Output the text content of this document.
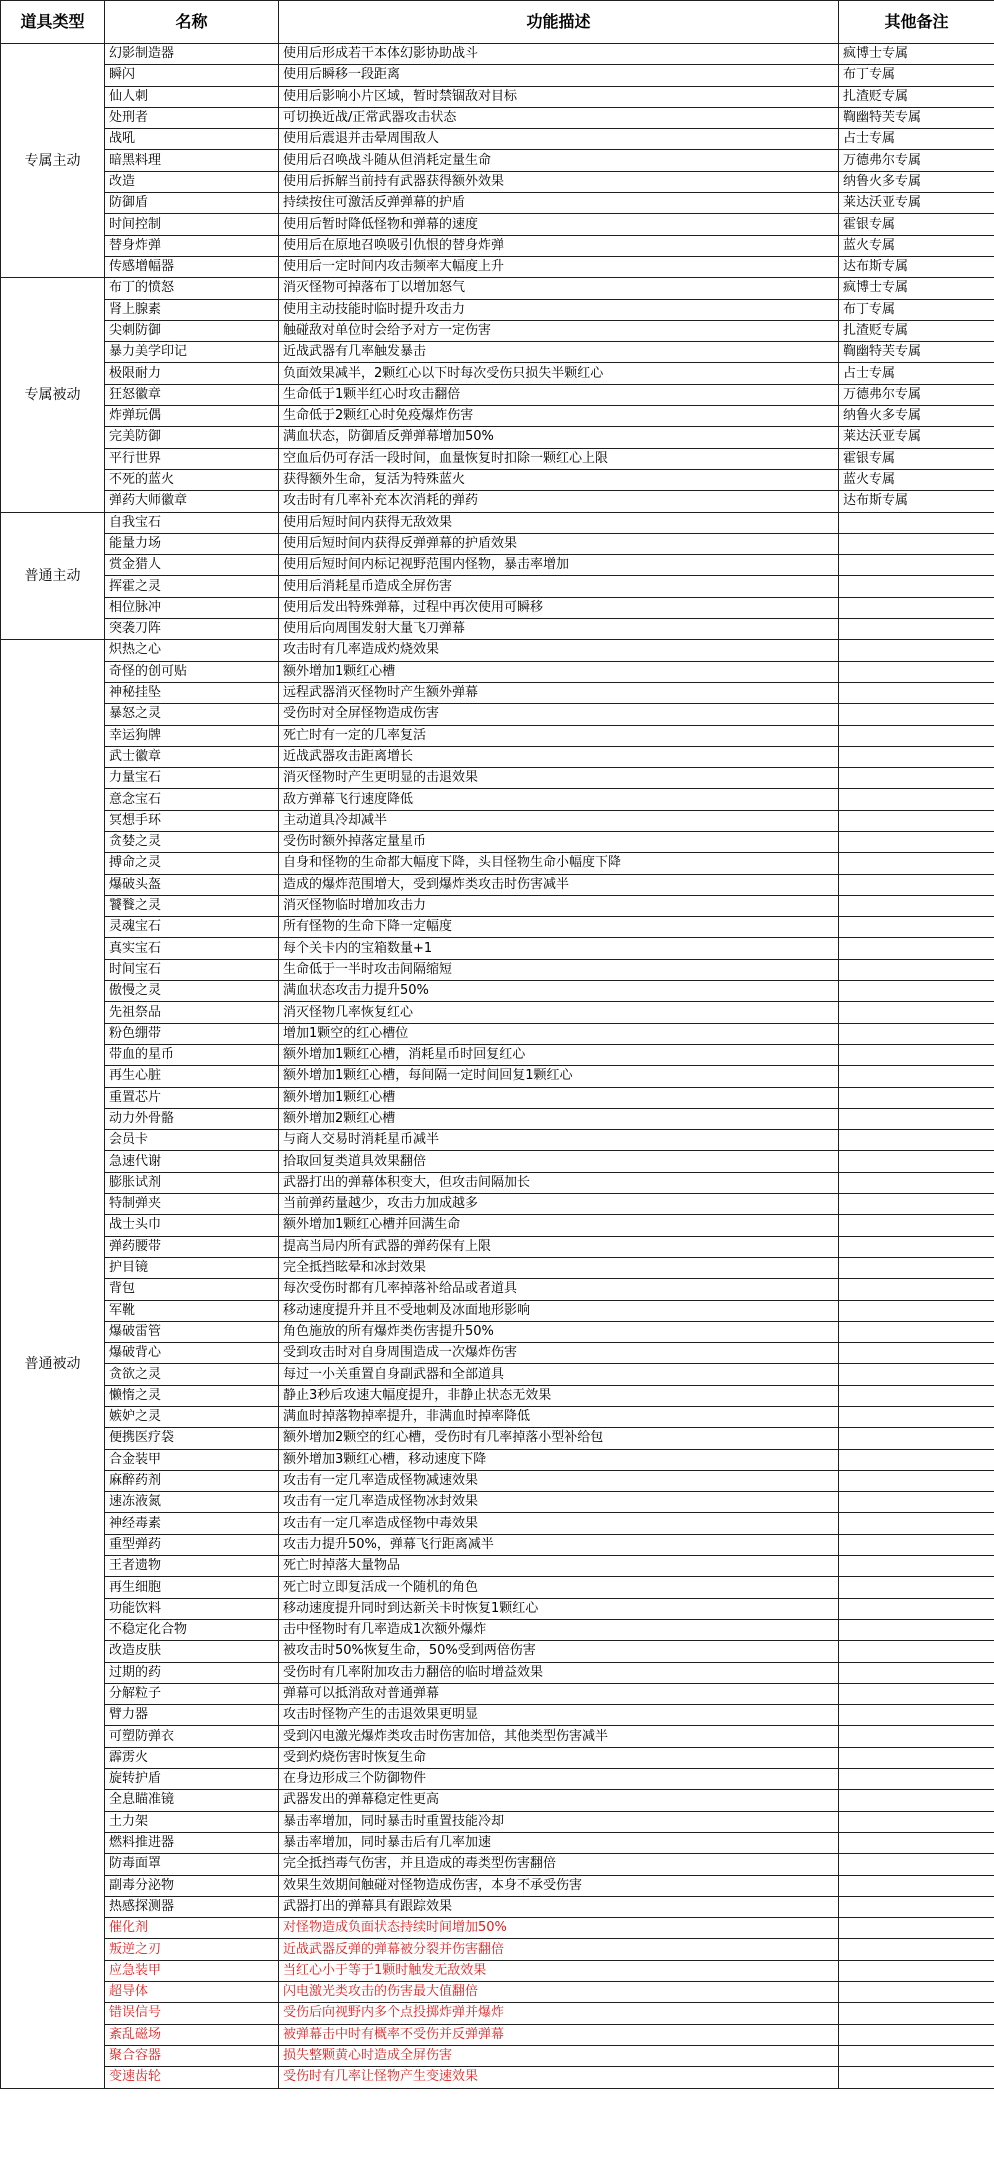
道具类型	名称	功能描述	其他备注
专属主动	幻影制造器	使用后形成若干本体幻影协助战斗	疯博士专属
	瞬闪	使用后瞬移一段距离	布丁专属
	仙人刺	使用后影响小片区域，暂时禁锢敌对目标	扎渣贬专属
	处刑者	可切换近战/正常武器攻击状态	鞫幽特芙专属
	战吼	使用后震退并击晕周围敌人	占士专属
	暗黑料理	使用后召唤战斗随从但消耗定量生命	万德弗尔专属
	改造	使用后拆解当前持有武器获得额外效果	纳鲁火多专属
	防御盾	持续按住可激活反弹弹幕的护盾	莱达沃亚专属
	时间控制	使用后暂时降低怪物和弹幕的速度	霍银专属
	替身炸弹	使用后在原地召唤吸引仇恨的替身炸弹	蓝火专属
	传感增幅器	使用后一定时间内攻击频率大幅度上升	达布斯专属
专属被动	布丁的愤怒	消灭怪物可掉落布丁以增加怒气	疯博士专属
	肾上腺素	使用主动技能时临时提升攻击力	布丁专属
	尖刺防御	触碰敌对单位时会给予对方一定伤害	扎渣贬专属
	暴力美学印记	近战武器有几率触发暴击	鞫幽特芙专属
	极限耐力	负面效果减半，2颗红心以下时每次受伤只损失半颗红心	占士专属
	狂怒徽章	生命低于1颗半红心时攻击翻倍	万德弗尔专属
	炸弹玩偶	生命低于2颗红心时免疫爆炸伤害	纳鲁火多专属
	完美防御	满血状态，防御盾反弹弹幕增加50%	莱达沃亚专属
	平行世界	空血后仍可存活一段时间，血量恢复时扣除一颗红心上限	霍银专属
	不死的蓝火	获得额外生命，复活为特殊蓝火	蓝火专属
	弹药大师徽章	攻击时有几率补充本次消耗的弹药	达布斯专属
普通主动	自我宝石	使用后短时间内获得无敌效果	
	能量力场	使用后短时间内获得反弹弹幕的护盾效果	
	赏金猎人	使用后短时间内标记视野范围内怪物，暴击率增加	
	挥霍之灵	使用后消耗星币造成全屏伤害	
	相位脉冲	使用后发出特殊弹幕，过程中再次使用可瞬移	
	突袭刀阵	使用后向周围发射大量飞刀弹幕	
普通被动	炽热之心	攻击时有几率造成灼烧效果	
	奇怪的创可贴	额外增加1颗红心槽	
	神秘挂坠	远程武器消灭怪物时产生额外弹幕	
	暴怒之灵	受伤时对全屏怪物造成伤害	
	幸运狗牌	死亡时有一定的几率复活	
	武士徽章	近战武器攻击距离增长	
	力量宝石	消灭怪物时产生更明显的击退效果	
	意念宝石	敌方弹幕飞行速度降低	
	冥想手环	主动道具冷却减半	
	贪婪之灵	受伤时额外掉落定量星币	
	搏命之灵	自身和怪物的生命都大幅度下降，头目怪物生命小幅度下降	
	爆破头盔	造成的爆炸范围增大，受到爆炸类攻击时伤害减半	
	饕餮之灵	消灭怪物临时增加攻击力	
	灵魂宝石	所有怪物的生命下降一定幅度	
	真实宝石	每个关卡内的宝箱数量+1	
	时间宝石	生命低于一半时攻击间隔缩短	
	傲慢之灵	满血状态攻击力提升50%	
	先祖祭品	消灭怪物几率恢复红心	
	粉色绷带	增加1颗空的红心槽位	
	带血的星币	额外增加1颗红心槽，消耗星币时回复红心	
	再生心脏	额外增加1颗红心槽，每间隔一定时间回复1颗红心	
	重置芯片	额外增加1颗红心槽	
	动力外骨骼	额外增加2颗红心槽	
	会员卡	与商人交易时消耗星币减半	
	急速代谢	拾取回复类道具效果翻倍	
	膨胀试剂	武器打出的弹幕体积变大，但攻击间隔加长	
	特制弹夹	当前弹药量越少，攻击力加成越多	
	战士头巾	额外增加1颗红心槽并回满生命	
	弹药腰带	提高当局内所有武器的弹药保有上限	
	护目镜	完全抵挡眩晕和冰封效果	
	背包	每次受伤时都有几率掉落补给品或者道具	
	军靴	移动速度提升并且不受地刺及冰面地形影响	
	爆破雷管	角色施放的所有爆炸类伤害提升50%	
	爆破背心	受到攻击时对自身周围造成一次爆炸伤害	
	贪欲之灵	每过一小关重置自身副武器和全部道具	
	懒惰之灵	静止3秒后攻速大幅度提升，非静止状态无效果	
	嫉妒之灵	满血时掉落物掉率提升，非满血时掉率降低	
	便携医疗袋	额外增加2颗空的红心槽，受伤时有几率掉落小型补给包	
	合金装甲	额外增加3颗红心槽，移动速度下降	
	麻醉药剂	攻击有一定几率造成怪物减速效果	
	速冻液氮	攻击有一定几率造成怪物冰封效果	
	神经毒素	攻击有一定几率造成怪物中毒效果	
	重型弹药	攻击力提升50%，弹幕飞行距离减半	
	王者遗物	死亡时掉落大量物品	
	再生细胞	死亡时立即复活成一个随机的角色	
	功能饮料	移动速度提升同时到达新关卡时恢复1颗红心	
	不稳定化合物	击中怪物时有几率造成1次额外爆炸	
	改造皮肤	被攻击时50%恢复生命，50%受到两倍伤害	
	过期的药	受伤时有几率附加攻击力翻倍的临时增益效果	
	分解粒子	弹幕可以抵消敌对普通弹幕	
	臂力器	攻击时怪物产生的击退效果更明显	
	可塑防弹衣	受到闪电激光爆炸类攻击时伤害加倍，其他类型伤害减半	
	霹雳火	受到灼烧伤害时恢复生命	
	旋转护盾	在身边形成三个防御物件	
	全息瞄准镜	武器发出的弹幕稳定性更高	
	土力架	暴击率增加，同时暴击时重置技能冷却	
	燃料推进器	暴击率增加，同时暴击后有几率加速	
	防毒面罩	完全抵挡毒气伤害，并且造成的毒类型伤害翻倍	
	副毒分泌物	效果生效期间触碰对怪物造成伤害，本身不承受伤害	
	热感探测器	武器打出的弹幕具有跟踪效果	
	催化剂	对怪物造成负面状态持续时间增加50%	
	叛逆之刃	近战武器反弹的弹幕被分裂并伤害翻倍	
	应急装甲	当红心小于等于1颗时触发无敌效果	
	超导体	闪电激光类攻击的伤害最大值翻倍	
	错误信号	受伤后向视野内多个点投掷炸弹并爆炸	
	紊乱磁场	被弹幕击中时有概率不受伤并反弹弹幕	
	聚合容器	损失整颗黄心时造成全屏伤害	
	变速齿轮	受伤时有几率让怪物产生变速效果	
